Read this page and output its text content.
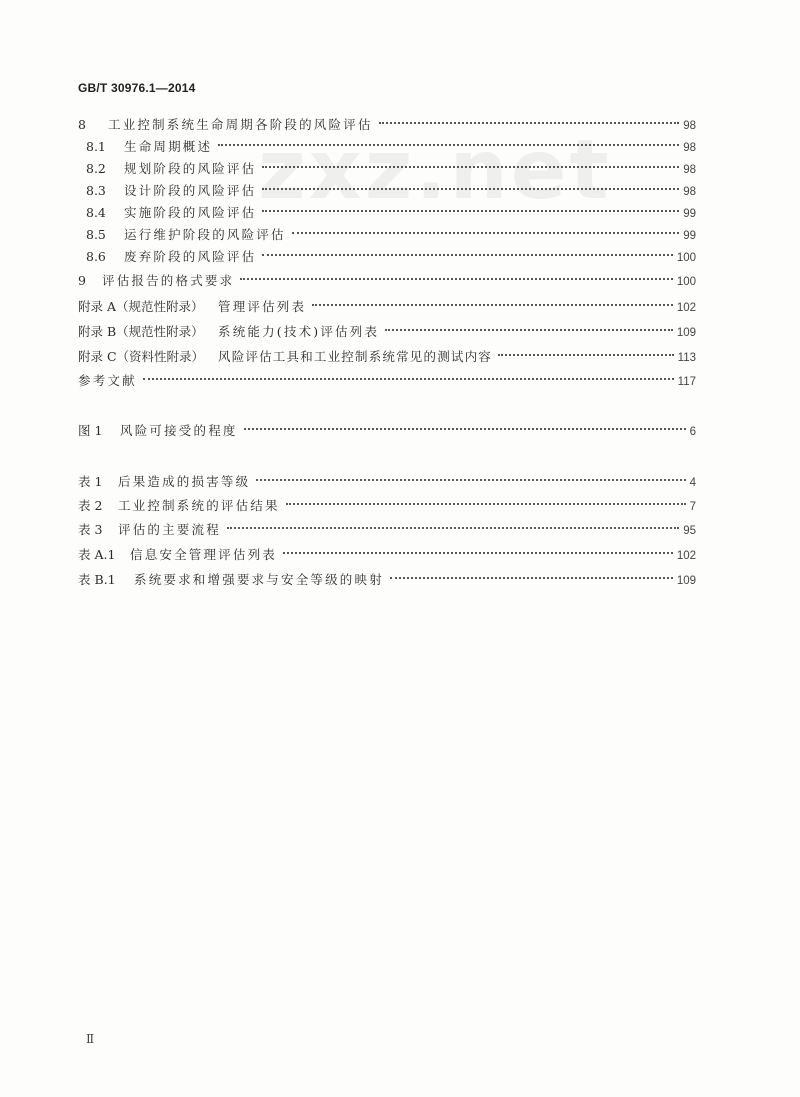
GB/T 30976.1—2014
zxz.net
8	工业控制系统生命周期各阶段的风险评估	98
8.1	生命周期概述	98
8.2	规划阶段的风险评估	98
8.3	设计阶段的风险评估	98
8.4	实施阶段的风险评估	99
8.5	运行维护阶段的风险评估	99
8.6	废弃阶段的风险评估	100
9	评估报告的格式要求	100
附录 A（规范性附录）	管理评估列表	102
附录 B（规范性附录）	系统能力(技术)评估列表	109
附录 C（资料性附录）	风险评估工具和工业控制系统常见的测试内容	113
参考文献	117
图 1	风险可接受的程度	6
表 1	后果造成的损害等级	4
表 2	工业控制系统的评估结果	7
表 3	评估的主要流程	95
表 A.1	信息安全管理评估列表	102
表 B.1	系统要求和增强要求与安全等级的映射	109
Ⅱ
